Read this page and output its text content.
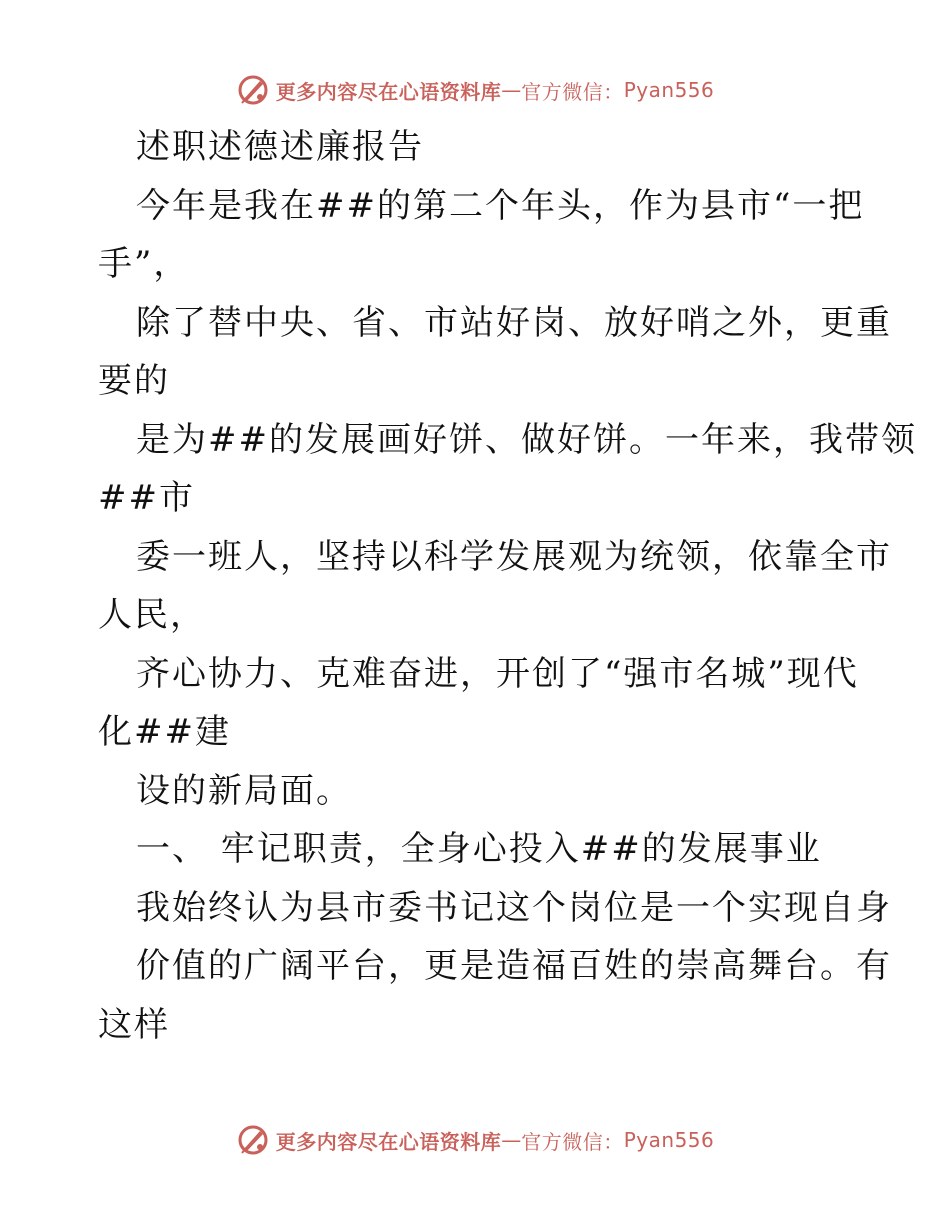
更多内容尽在心语资料库 — 官方微信： Pyan556
述职述德述廉报告
今年是我在##的第二个年头，作为县市“一把
手”，
除了替中央、省、市站好岗、放好哨之外，更重
要的
是为##的发展画好饼、做好饼。一年来，我带领
##市
委一班人，坚持以科学发展观为统领，依靠全市
人民，
齐心协力、克难奋进，开创了“强市名城”现代
化##建
设的新局面。
一、 牢记职责，全身心投入##的发展事业
我始终认为县市委书记这个岗位是一个实现自身
价值的广阔平台，更是造福百姓的崇高舞台。有
这样
更多内容尽在心语资料库 — 官方微信： Pyan556
